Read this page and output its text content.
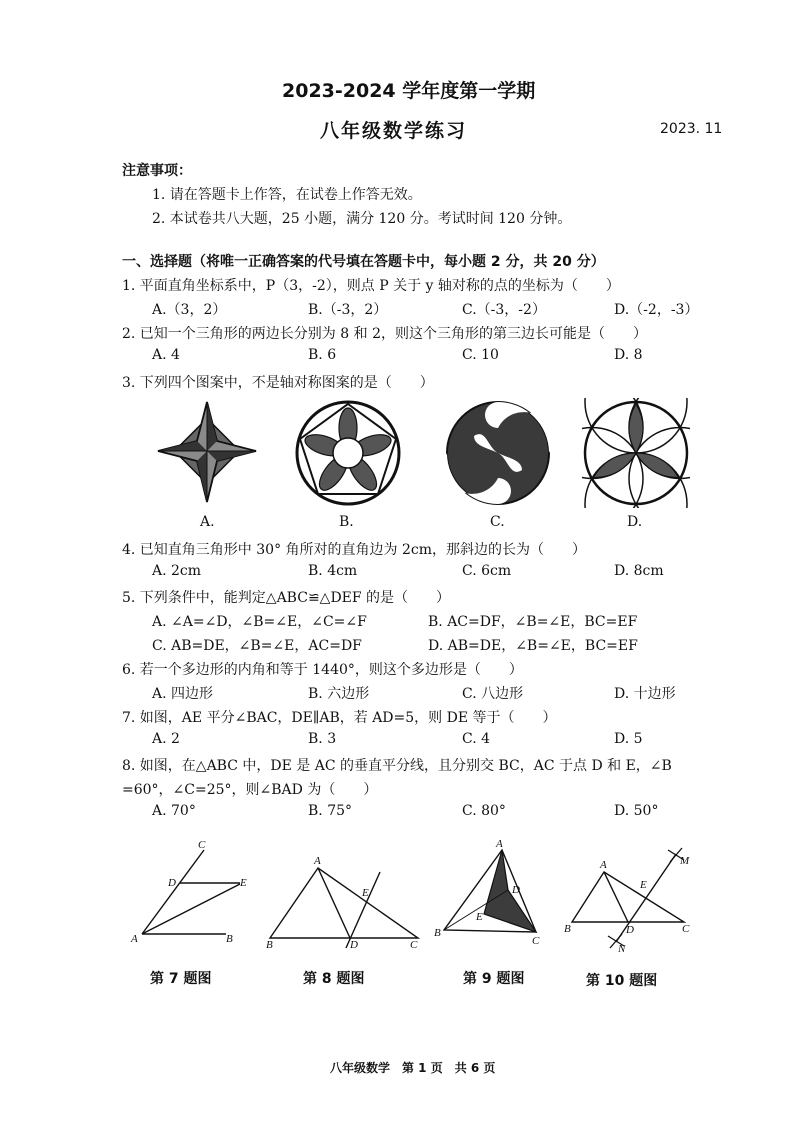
2023-2024 学年度第一学期
八年级数学练习	2023. 11
注意事项：
1. 请在答题卡上作答，在试卷上作答无效。
2. 本试卷共八大题，25 小题，满分 120 分。考试时间 120 分钟。
一、选择题（将唯一正确答案的代号填在答题卡中，每小题 2 分，共 20 分）
1. 平面直角坐标系中，P（3，-2），则点 P 关于 y 轴对称的点的坐标为（　　）
A.（3，2）	B.（-3，2）	C.（-3，-2）	D.（-2，-3）
2. 已知一个三角形的两边长分别为 8 和 2，则这个三角形的第三边长可能是（　　）
A. 4	B. 6	C. 10	D. 8
3. 下列四个图案中，不是轴对称图案的是（　　）
A.	B.	C.	D.
4. 已知直角三角形中 30° 角所对的直角边为 2cm，那斜边的长为（　　）
A. 2cm	B. 4cm	C. 6cm	D. 8cm
5. 下列条件中，能判定△ABC≌△DEF 的是（　　）
A. ∠A=∠D，∠B=∠E，∠C=∠F	B. AC=DF，∠B=∠E，BC=EF
C. AB=DE，∠B=∠E，AC=DF	D. AB=DE，∠B=∠E，BC=EF
6. 若一个多边形的内角和等于 1440°，则这个多边形是（　　）
A. 四边形	B. 六边形	C. 八边形	D. 十边形
7. 如图，AE 平分∠BAC，DE∥AB，若 AD=5，则 DE 等于（　　）
A. 2	B. 3	C. 4	D. 5
8. 如图，在△ABC 中，DE 是 AC 的垂直平分线，且分别交 BC，AC 于点 D 和 E，∠B
=60°，∠C=25°，则∠BAD 为（　　）
A. 70°	B. 75°	C. 80°	D. 50°
A	B
C
D	E
A
B	C
D
E
A
B
C
D
E
A
B	C
D
E
M
N
第 7 题图	第 8 题图	第 9 题图	第 10 题图
八年级数学　第 1 页　共 6 页
